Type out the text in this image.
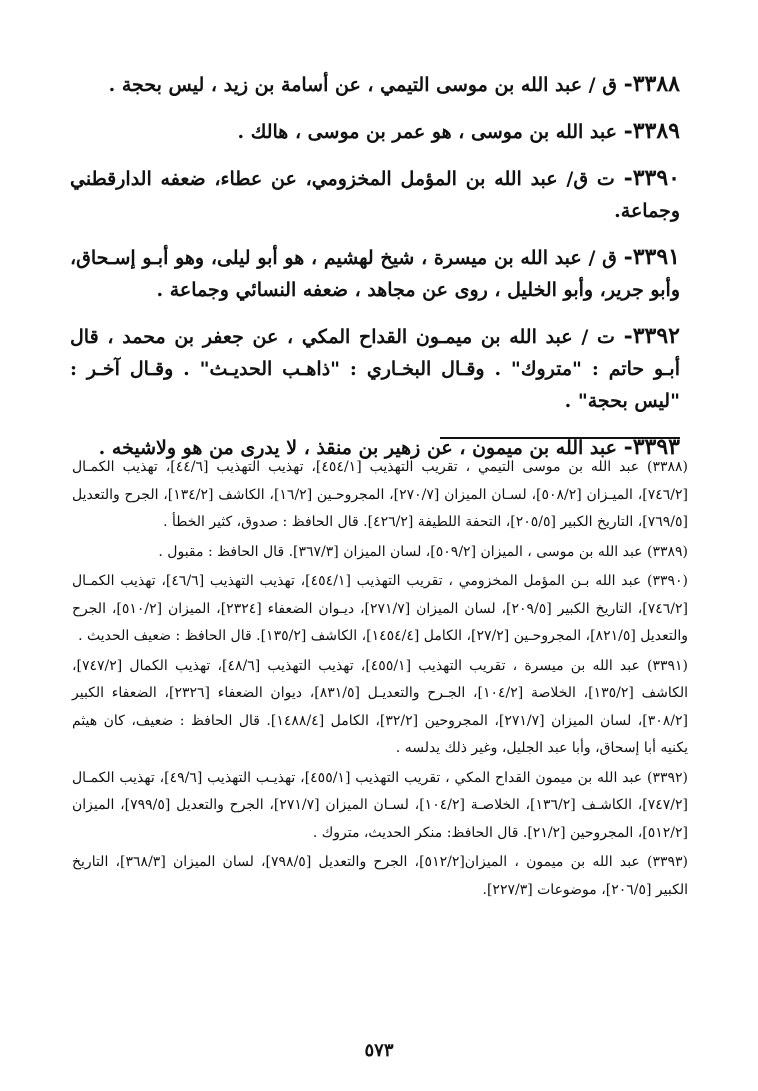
٣٣٨٨- ق / عبد الله بن موسى التيمي ، عن أسامة بن زيد ، ليس بحجة .

٣٣٨٩- عبد الله بن موسى ، هو عمر بن موسى ، هالك .

٣٣٩٠- ت ق/ عبد الله بن المؤمل المخزومي، عن عطاء، ضعفه الدارقطني وجماعة.

٣٣٩١- ق / عبد الله بن ميسرة ، شيخ لهشيم ، هو أبو ليلى، وهو أبـو إسـحاق، وأبو جرير، وأبو الخليل ، روى عن مجاهد ، ضعفه النسائي وجماعة .

٣٣٩٢- ت / عبد الله بن ميمـون القداح المكي ، عن جعفر بن محمد ، قال أبـو حاتم : "متروك" . وقـال البخـاري : "ذاهـب الحديـث" . وقـال آخـر : "ليس بحجة" .

٣٣٩٣- عبد الله بن ميمون ، عن زهير بن منقذ ، لا يدرى من هو ولاشيخه .

(٣٣٨٨) عبد الله بن موسى التيمي ، تقريب التهذيب [٤٥٤/١]، تهذيب التهذيب [٤٤/٦]، تهذيب الكمـال [٧٤٦/٢]، الميـزان [٥٠٨/٢]، لسـان الميزان [٢٧٠/٧]، المجروحـين [١٦/٢]، الكاشف [١٣٤/٢]، الجرح والتعديل [٧٦٩/٥]، التاريخ الكبير [٢٠٥/٥]، التحفة اللطيفة [٤٢٦/٢]. قال الحافظ : صدوق، كثير الخطأ .

(٣٣٨٩) عبد الله بن موسى ، الميزان [٥٠٩/٢]، لسان الميزان [٣٦٧/٣]. قال الحافظ : مقبول .

(٣٣٩٠) عبد الله بـن المؤمل المخزومي ، تقريب التهذيب [٤٥٤/١]، تهذيب التهذيب [٤٦/٦]، تهذيب الكمـال [٧٤٦/٢]، التاريخ الكبير [٢٠٩/٥]، لسان الميزان [٢٧١/٧]، ديـوان الضعفاء [٢٣٢٤]، الميزان [٥١٠/٢]، الجرح والتعديل [٨٢١/٥]، المجروحـين [٢٧/٢]، الكامل [١٤٥٤/٤]، الكاشف [١٣٥/٢]. قال الحافظ : ضعيف الحديث .

(٣٣٩١) عبد الله بن ميسرة ، تقريب التهذيب [٤٥٥/١]، تهذيب التهذيب [٤٨/٦]، تهذيب الكمال [٧٤٧/٢]، الكاشف [١٣٥/٢]، الخلاصة [١٠٤/٢]، الجـرح والتعديـل [٨٣١/٥]، ديوان الضعفاء [٢٣٢٦]، الضعفاء الكبير [٣٠٨/٢]، لسان الميزان [٢٧١/٧]، المجروحين [٣٢/٢]، الكامل [١٤٨٨/٤]. قال الحافظ : ضعيف، كان هيثم يكنيه أبا إسحاق، وأبا عبد الجليل، وغير ذلك يدلسه .

(٣٣٩٢) عبد الله بن ميمون القداح المكي ، تقريب التهذيب [٤٥٥/١]، تهذيـب التهذيب [٤٩/٦]، تهذيب الكمـال [٧٤٧/٢]، الكاشـف [١٣٦/٢]، الخلاصـة [١٠٤/٢]، لسـان الميزان [٢٧١/٧]، الجرح والتعديل [٧٩٩/٥]، الميزان [٥١٢/٢]، المجروحين [٢١/٢]. قال الحافظ: منكر الحديث، متروك .

(٣٣٩٣) عبد الله بن ميمون ، الميزان[٥١٢/٢]، الجرح والتعديل [٧٩٨/٥]، لسان الميزان [٣٦٨/٣]، التاريخ الكبير [٢٠٦/٥]، موضوعات [٢٢٧/٣].

٥٧٣
